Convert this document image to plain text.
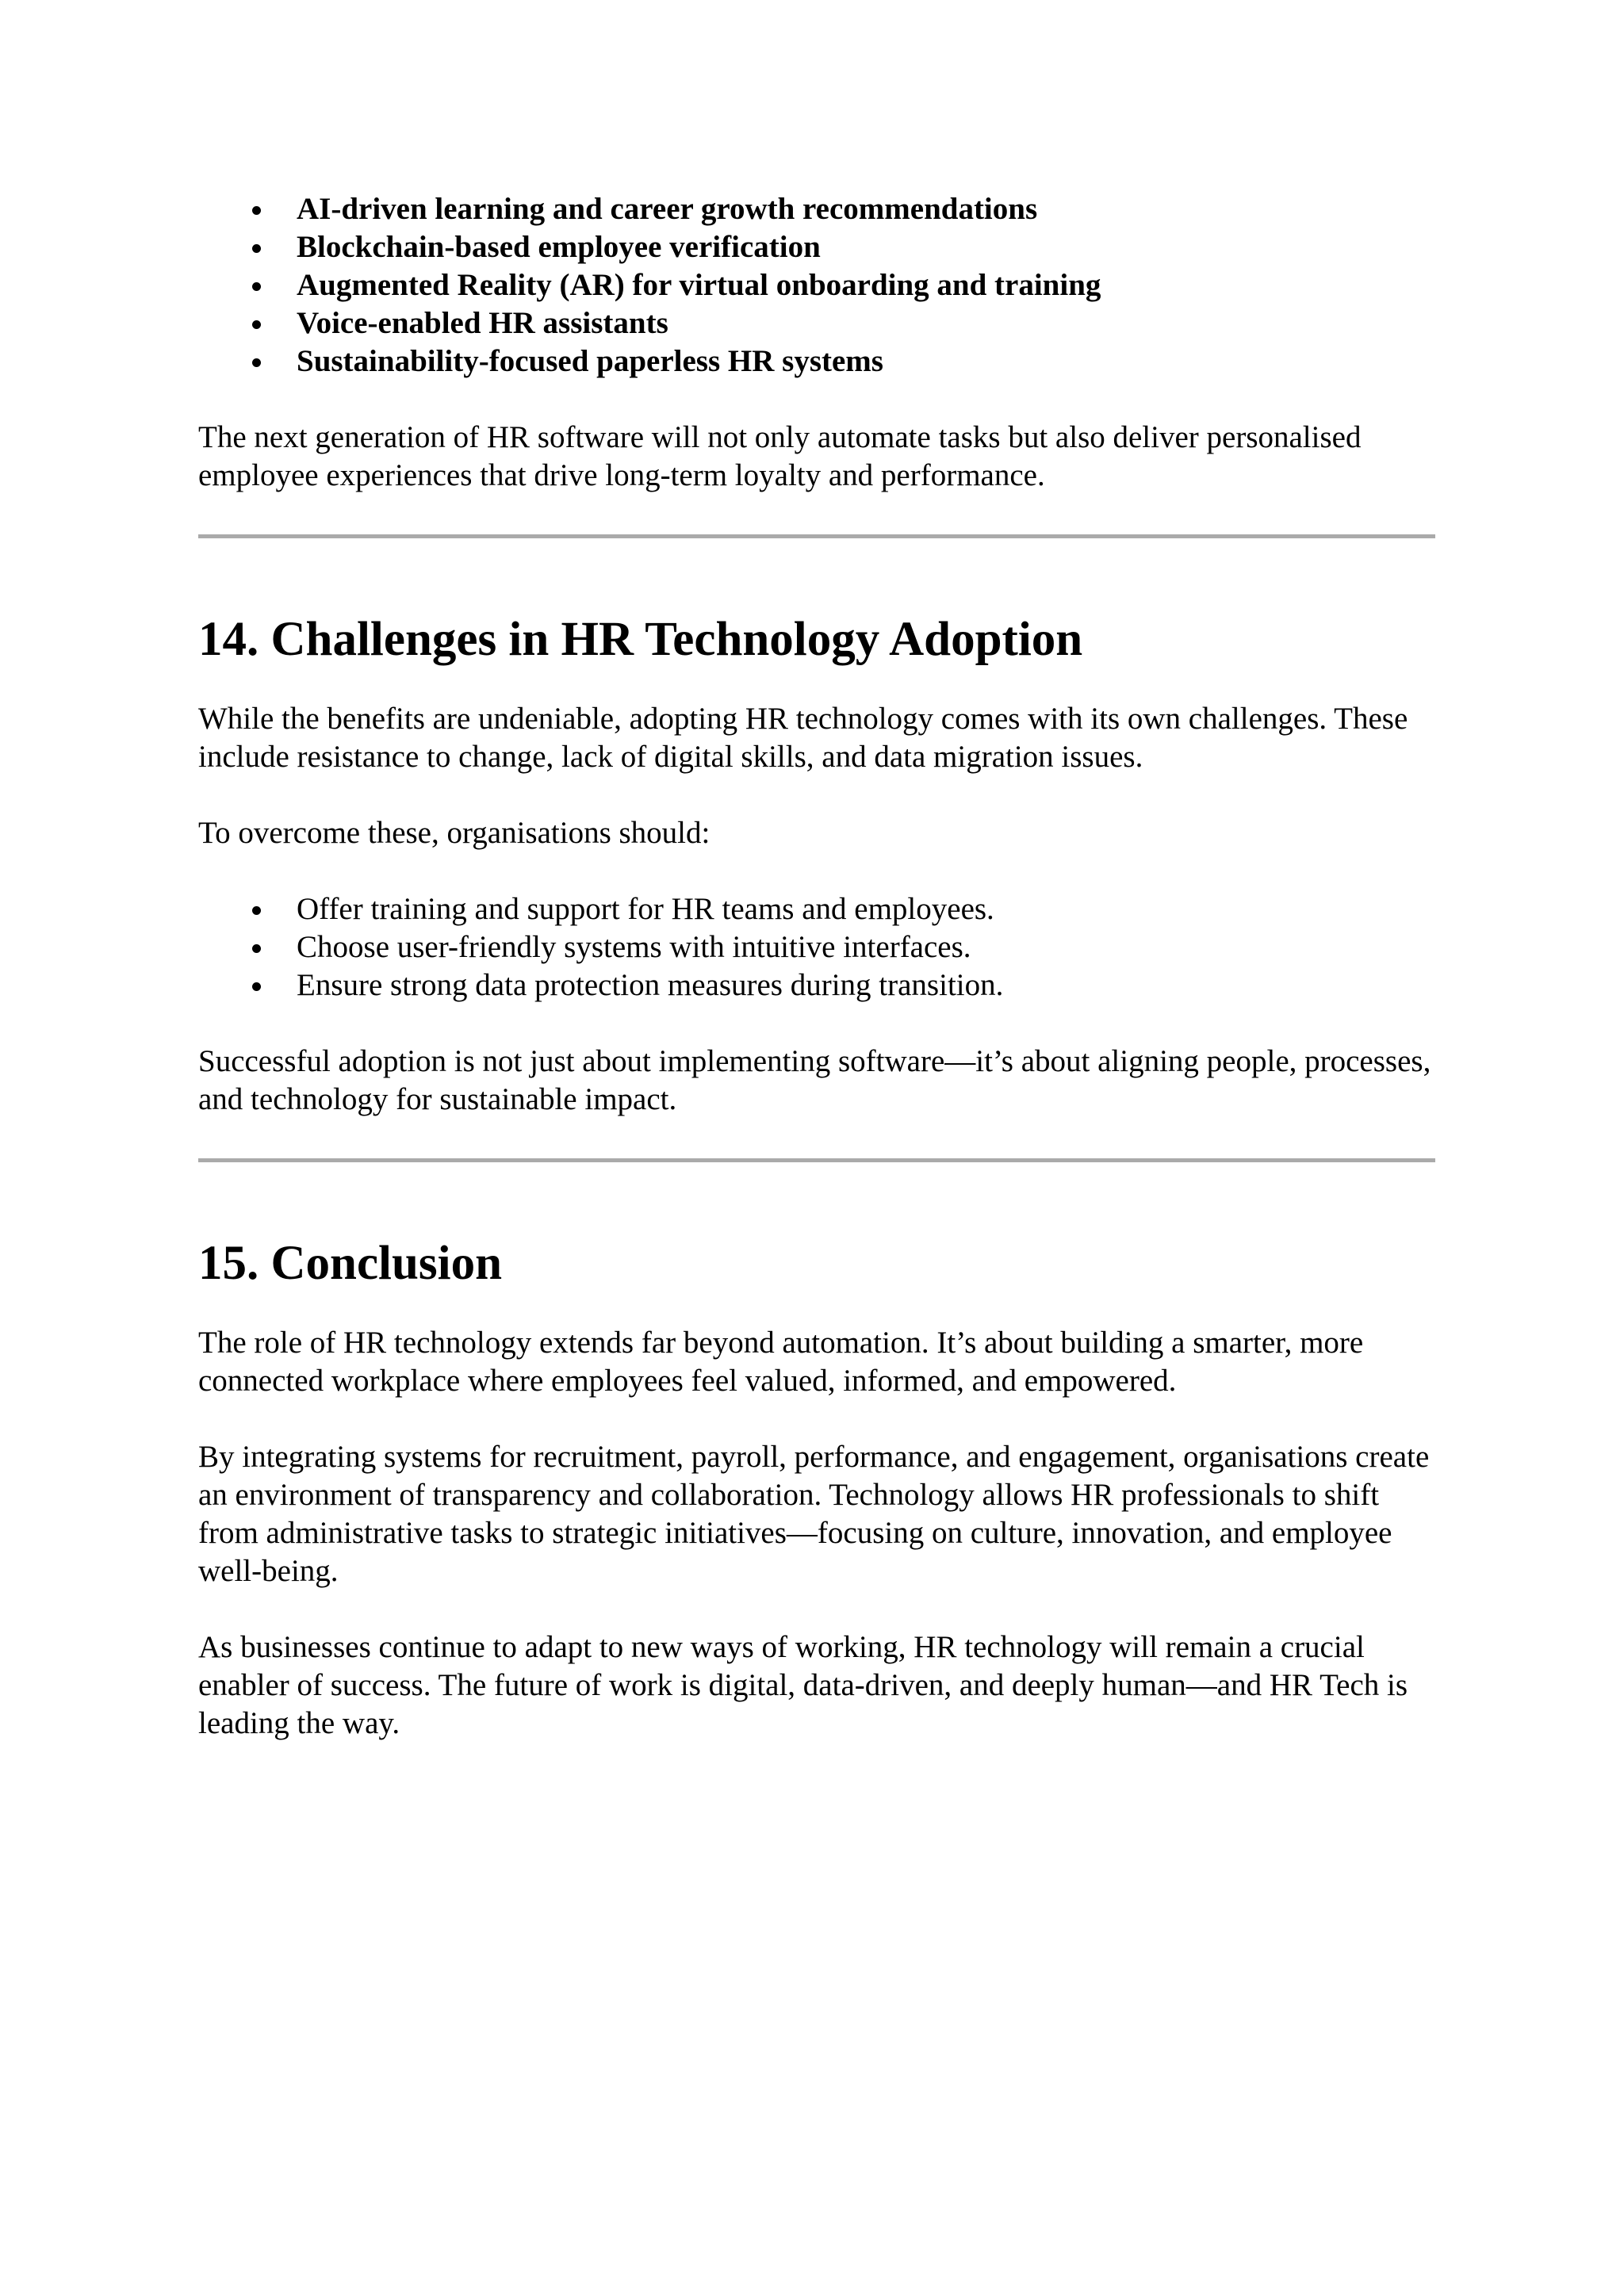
AI-driven learning and career growth recommendations
Blockchain-based employee verification
Augmented Reality (AR) for virtual onboarding and training
Voice-enabled HR assistants
Sustainability-focused paperless HR systems

The next generation of HR software will not only automate tasks but also deliver personalised employee experiences that drive long-term loyalty and performance.

14. Challenges in HR Technology Adoption

While the benefits are undeniable, adopting HR technology comes with its own challenges. These include resistance to change, lack of digital skills, and data migration issues.

To overcome these, organisations should:

Offer training and support for HR teams and employees.
Choose user-friendly systems with intuitive interfaces.
Ensure strong data protection measures during transition.

Successful adoption is not just about implementing software—it’s about aligning people, processes, and technology for sustainable impact.

15. Conclusion

The role of HR technology extends far beyond automation. It’s about building a smarter, more connected workplace where employees feel valued, informed, and empowered.

By integrating systems for recruitment, payroll, performance, and engagement, organisations create an environment of transparency and collaboration. Technology allows HR professionals to shift from administrative tasks to strategic initiatives—focusing on culture, innovation, and employee well-being.

As businesses continue to adapt to new ways of working, HR technology will remain a crucial enabler of success. The future of work is digital, data-driven, and deeply human—and HR Tech is leading the way.
